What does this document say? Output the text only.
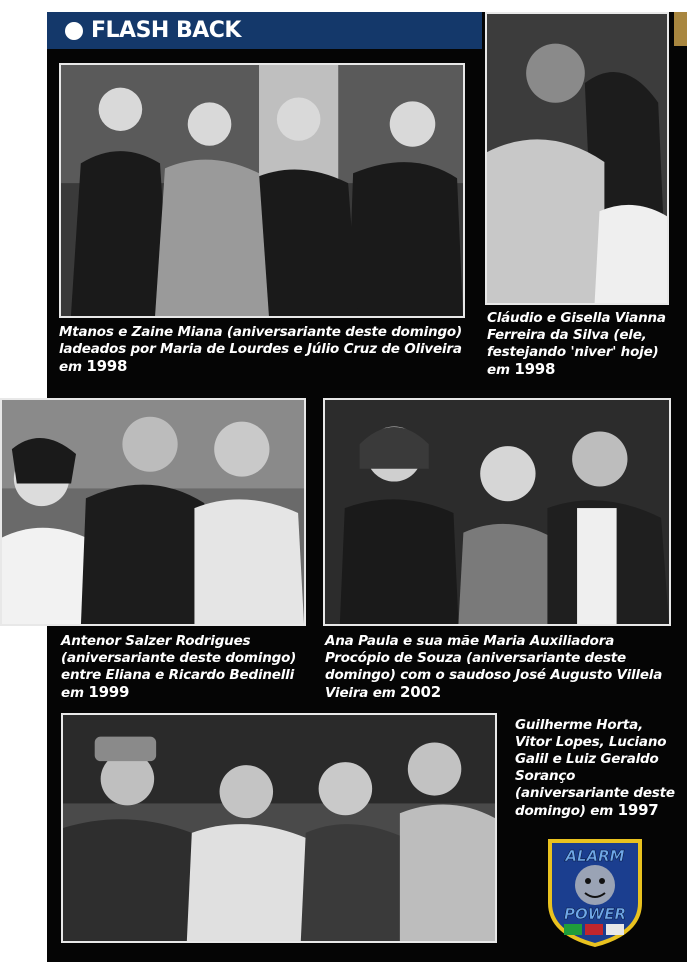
FLASH BACK
Mtanos e Zaine Miana (aniversariante deste domingo) ladeados por Maria de Lourdes e Júlio Cruz de Oliveira
em 1998
Cláudio e Gisella Vianna Ferreira da Silva (ele, festejando 'niver' hoje) em 1998
Antenor Salzer Rodrigues (aniversariante deste domingo) entre Eliana e Ricardo Bedinelli em 1999
Ana Paula e sua mãe Maria Auxiliadora Procópio de Souza (aniversariante deste domingo) com o saudoso José Augusto Villela Vieira em 2002
Guilherme Horta, Vitor Lopes, Luciano Galil e Luiz Geraldo Soranço (aniversariante deste domingo) em 1997
ALARM
POWER
